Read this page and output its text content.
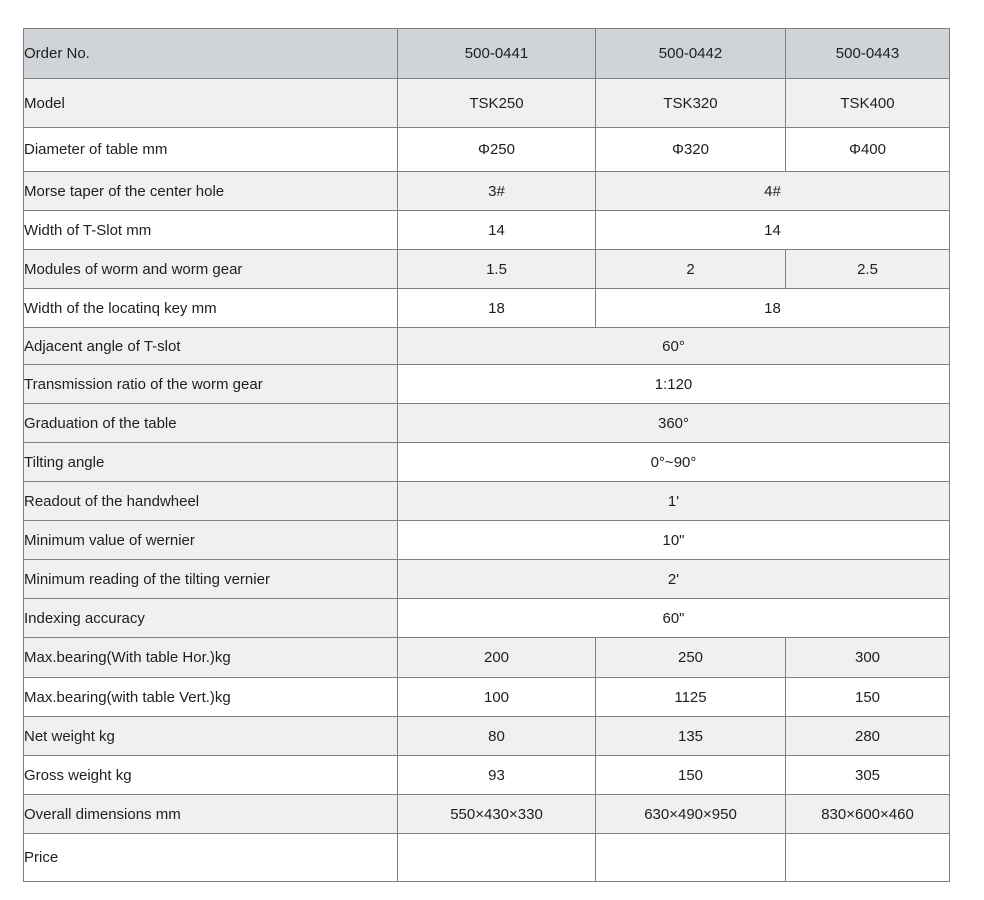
Order No.	500-0441	500-0442	500-0443
Model	TSK250	TSK320	TSK400
Diameter of table mm	Φ250	Φ320	Φ400
Morse taper of the center hole	3#	4#	
Width of T-Slot mm	14	14	
Modules of worm and worm gear	1.5	2	2.5
Width of the locatinq key mm	18	18	
Adjacent angle of T-slot	60°		
Transmission ratio of the worm gear	1:120		
Graduation of the table	360°		
Tilting angle	0°~90°		
Readout of the handwheel	1'		
Minimum value of wernier	10"		
Minimum reading of the tilting vernier	2'		
Indexing accuracy	60"		
Max.bearing(With table Hor.)kg	200	250	300
Max.bearing(with table Vert.)kg	100	1125	150
Net weight kg	80	135	280
Gross weight kg	93	150	305
Overall dimensions mm	550×430×330	630×490×950	830×600×460
Price			
